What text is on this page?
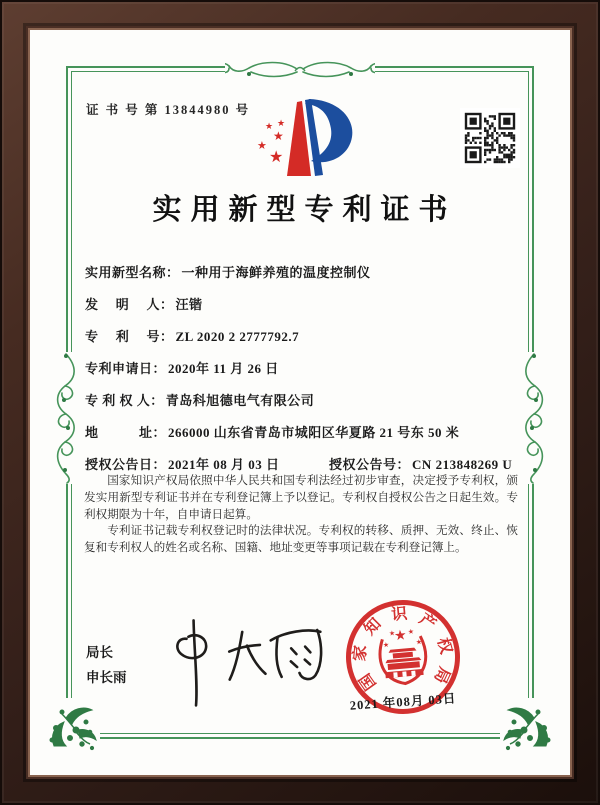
证 书 号 第 13844980 号
★ ★
★
★
★
实用新型专利证书
实用新型名称： 一种用于海鲜养殖的温度控制仪
发　 明　 人： 汪锴
专　 利　 号： ZL 2020 2 2777792.7
专利申请日： 2020年 11 月 26 日
专 利 权 人： 青岛科旭德电气有限公司
地　　　址： 266000 山东省青岛市城阳区华夏路 21 号东 50 米
授权公告日： 2021年 08 月 03 日	授权公告号： CN 213848269 U

国家知识产权局依照中华人民共和国专利法经过初步审查，决定授予专利权，颁发实用新型专利证书并在专利登记簿上予以登记。专利权自授权公告之日起生效。专利权期限为十年，自申请日起算。

专利证书记载专利权登记时的法律状况。专利权的转移、质押、无效、终止、恢复和专利权人的姓名或名称、国籍、地址变更等事项记载在专利登记簿上。

局长
申长雨	国
家
知
识 产
权
局
★
★
★ ★
★
2021 年08月 03日
